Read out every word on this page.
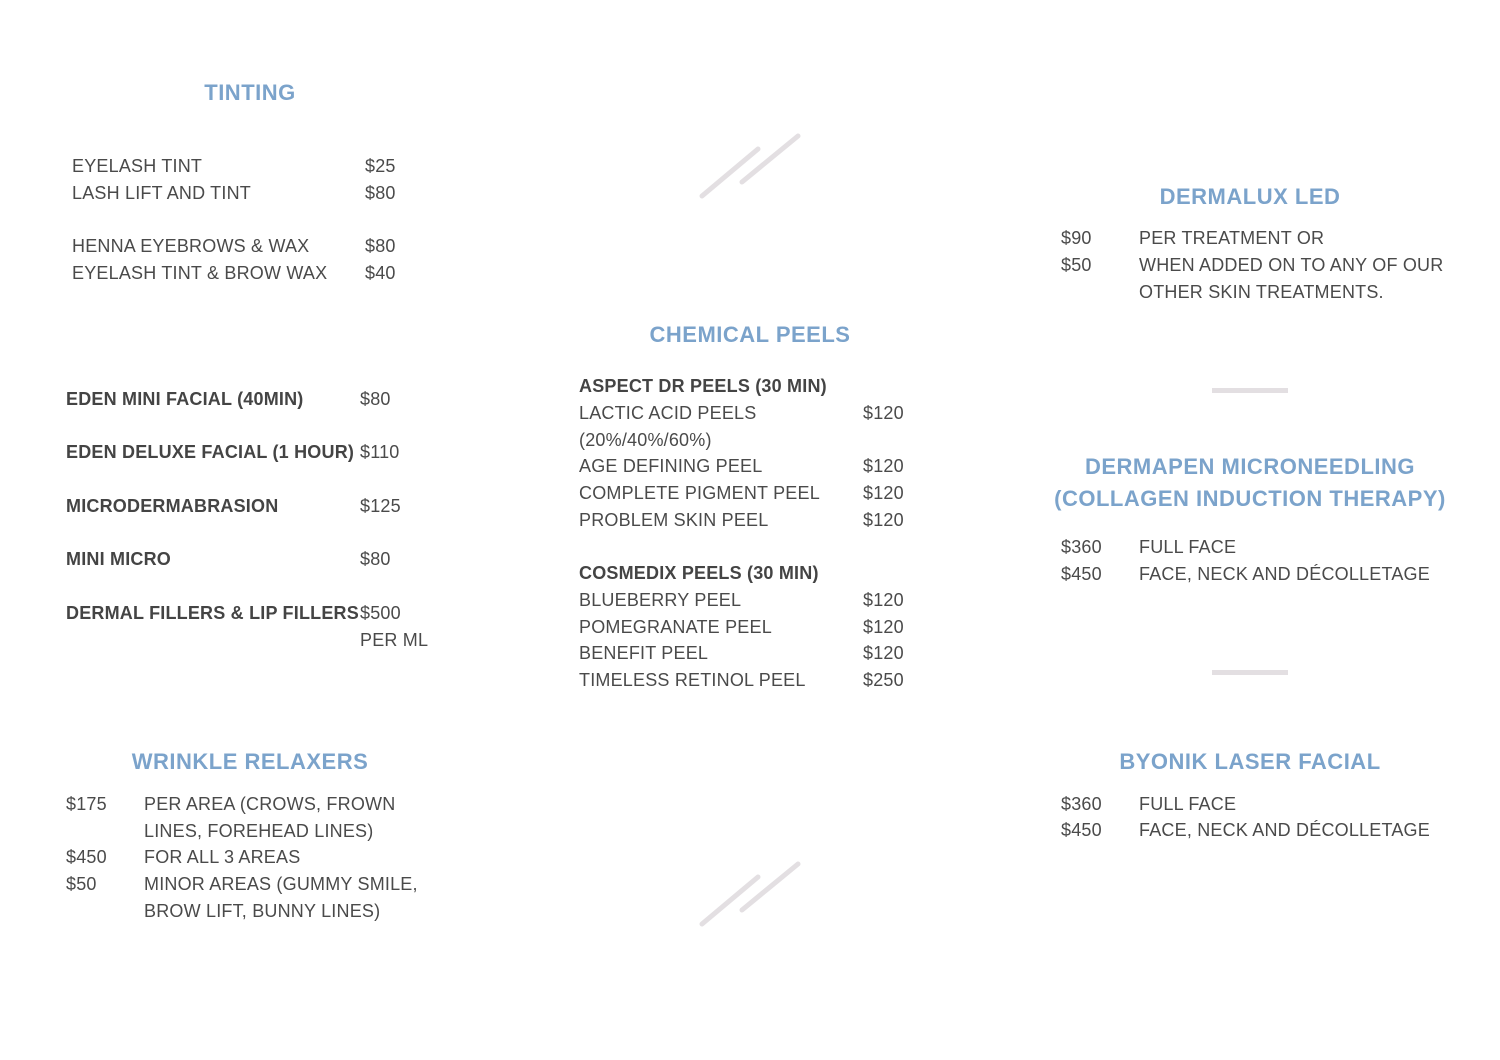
TINTING
EYELASH TINT	$25
LASH LIFT AND TINT	$80
HENNA EYEBROWS & WAX	$80
EYELASH TINT & BROW WAX $40
EDEN MINI FACIAL (40MIN)	$80
EDEN DELUXE FACIAL (1 HOUR) $110
MICRODERMABRASION	$125
MINI MICRO	$80
DERMAL FILLERS & LIP FILLERS $500
PER ML
WRINKLE RELAXERS
$175 PER AREA (CROWS, FROWN
LINES, FOREHEAD LINES)
$450 FOR ALL 3 AREAS
$50	MINOR AREAS (GUMMY SMILE,
BROW LIFT, BUNNY LINES)
CHEMICAL PEELS
ASPECT DR PEELS (30 MIN)
LACTIC ACID PEELS	$120
(20%/40%/60%)
AGE DEFINING PEEL	$120
COMPLETE PIGMENT PEEL $120
PROBLEM SKIN PEEL	$120
COSMEDIX PEELS (30 MIN)
BLUEBERRY PEEL	$120
POMEGRANATE PEEL	$120
BENEFIT PEEL	$120
TIMELESS RETINOL PEEL	$250
DERMALUX LED
$90	PER TREATMENT OR
$50	WHEN ADDED ON TO ANY OF OUR
OTHER SKIN TREATMENTS.
DERMAPEN MICRONEEDLING
(COLLAGEN INDUCTION THERAPY)
$360 FULL FACE
$450 FACE, NECK AND DÉCOLLETAGE
BYONIK LASER FACIAL
$360 FULL FACE
$450 FACE, NECK AND DÉCOLLETAGE
